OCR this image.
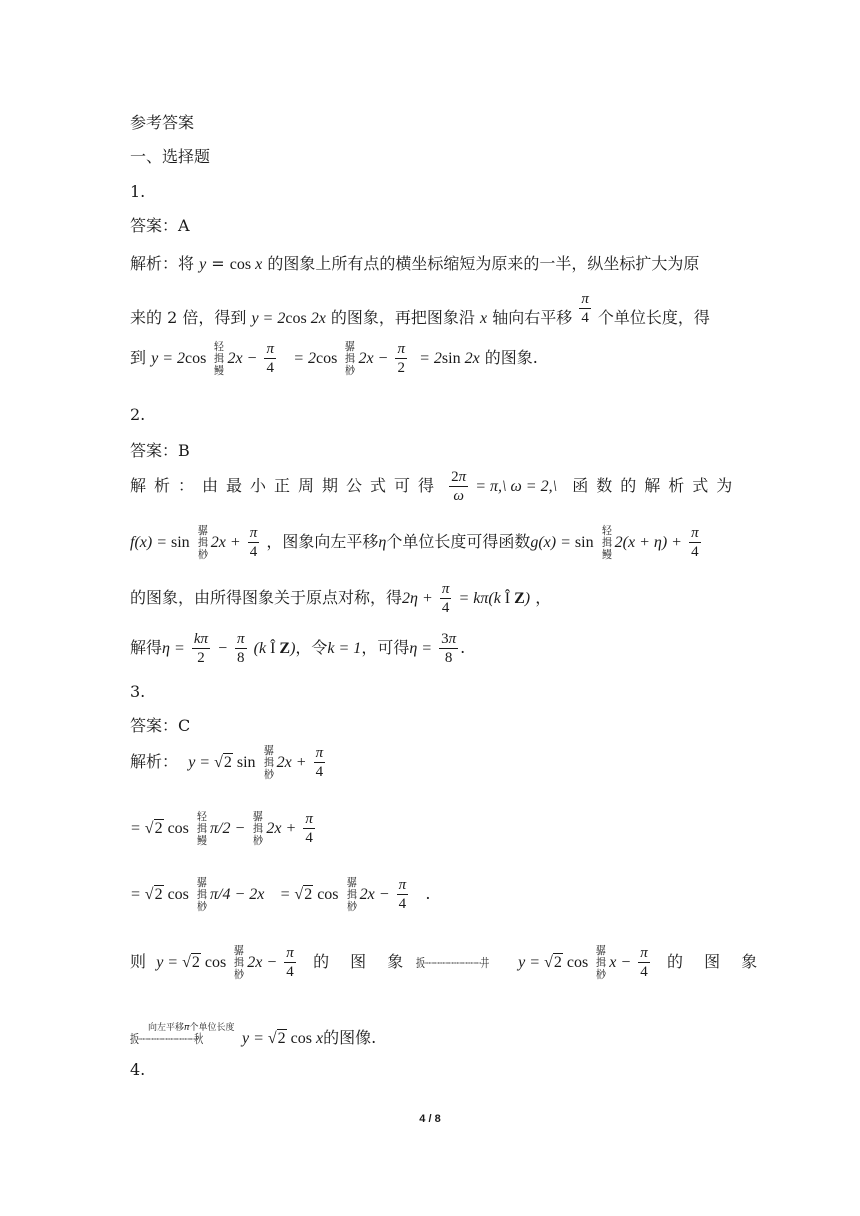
参考答案
一、选择题
1.
答案：A
解析：将 y = cos x 的图象上所有点的横坐标缩短为原来的一半，纵坐标扩大为原
来的 2 倍，得到 y = 2cos 2x 的图象，再把图象沿 x 轴向右平移 $\frac{\pi}{4}$ 个单位长度，得
到 y = 2cos
轻
揖
鳗
$2x - \frac{\pi}{4} = 2\cos$
骣
揖
桫
$2x - \frac{\pi}{2} = 2\sin$ 2x 的图象.
2.
答案：B
解析：由最小正周期公式可得 $\frac{2\pi}{\omega}$ = π,\ ω = 2,\ 函数的解析式为
f(x) = sin
骣
揖
桫
$2x + \frac{\pi}{4}$ ，图象向左平移η个单位长度可得函数g(x) = sin
轻
揖
鳗
$2(x + \eta) + \frac{\pi}{4}$
的图象，由所得图象关于原点对称，得$2\eta + \frac{\pi}{4} = k\pi(k$ Î Z) ，
解得$\eta = \frac{k\pi}{2} - \frac{\pi}{8} (k$ Î Z)，令k = 1，可得$\eta = \frac{3\pi}{8}$ .
3.
答案：C
解析： y = √2 sin
骣
揖
桫
$2x + \frac{\pi}{4}$
= √2 cos
轻
揖
鳗
π/2 −
骣
揖
桫
$2x + \frac{\pi}{4}$
= √2 cos
骣
揖
桫
π/4 − 2x = √2 cos
骣
揖
桫
$2x - \frac{\pi}{4}$ .
则 y = √2 cos
骣
揖
桫
$2x - \frac{\pi}{4}$ 的 图 象 扳┈┈┈┈┈┈┈┈┈┈┈┈井 y = √2 cos
骣
揖
桫
$x - \frac{\pi}{4}$ 的 图 象
向左平移π个单位长度
扳┈┈┈┈┈┈┈┈┈┈┈┈秋 y = √2 cos x的图像.
4.
4 / 8
